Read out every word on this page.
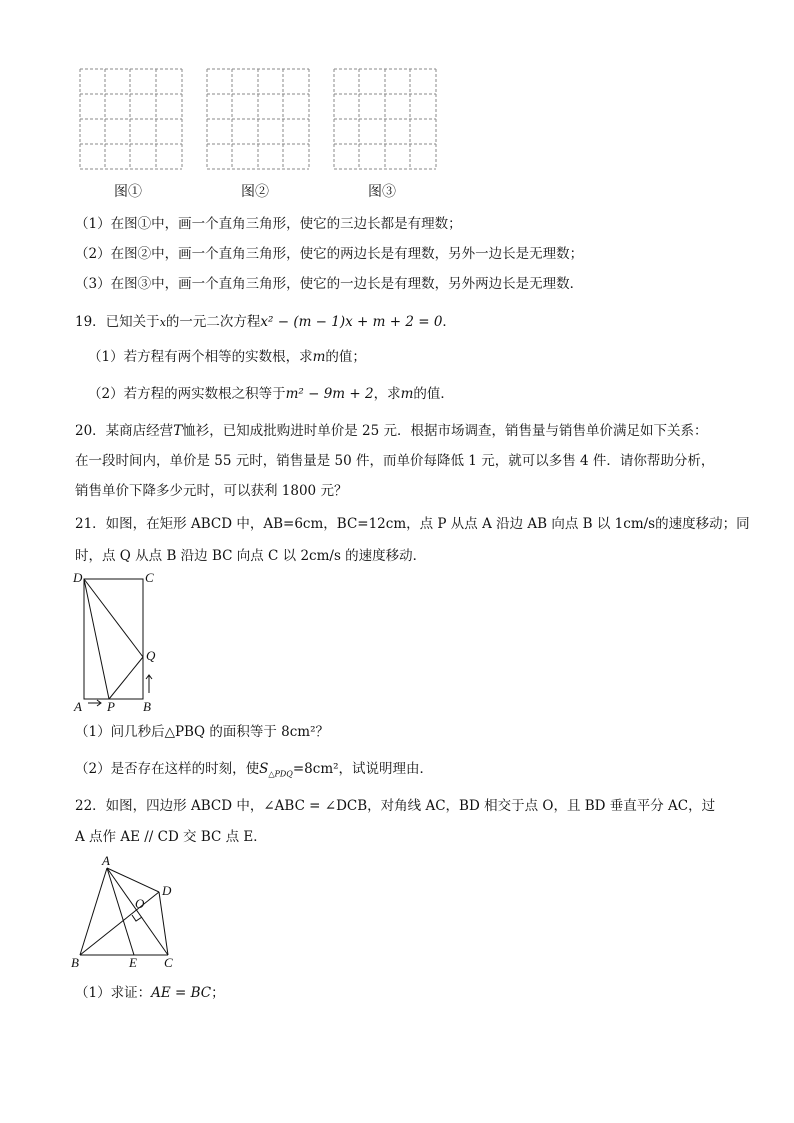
图①	图②	图③
（1）在图①中，画一个直角三角形，使它的三边长都是有理数；
（2）在图②中，画一个直角三角形，使它的两边长是有理数，另外一边长是无理数；
（3）在图③中，画一个直角三角形，使它的一边长是有理数，另外两边长是无理数．
19．已知关于x的一元二次方程x² − (m − 1)x + m + 2 = 0．
（1）若方程有两个相等的实数根，求m的值；
（2）若方程的两实数根之积等于m² − 9m + 2，求m的值．
20．某商店经营T恤衫，已知成批购进时单价是 25 元．根据市场调查，销售量与销售单价满足如下关系：
在一段时间内，单价是 55 元时，销售量是 50 件，而单价每降低 1 元，就可以多售 4 件．请你帮助分析，
销售单价下降多少元时，可以获利 1800 元？
21．如图，在矩形 ABCD 中，AB=6cm，BC=12cm，点 P 从点 A 沿边 AB 向点 B 以 1cm/s的速度移动；同
时，点 Q 从点 B 沿边 BC 向点 C 以 2cm/s 的速度移动．
D	C
Q
A P B
（1）问几秒后△PBQ 的面积等于 8cm²？
（2）是否存在这样的时刻，使$S_{\triangle PDQ}=8cm^2$，试说明理由．
22．如图，四边形 ABCD 中，∠ABC = ∠DCB，对角线 AC，BD 相交于点 O，且 BD 垂直平分 AC，过
A 点作 AE // CD 交 BC 点 E．
A
D
O
B	E C
（1）求证：AE = BC；
